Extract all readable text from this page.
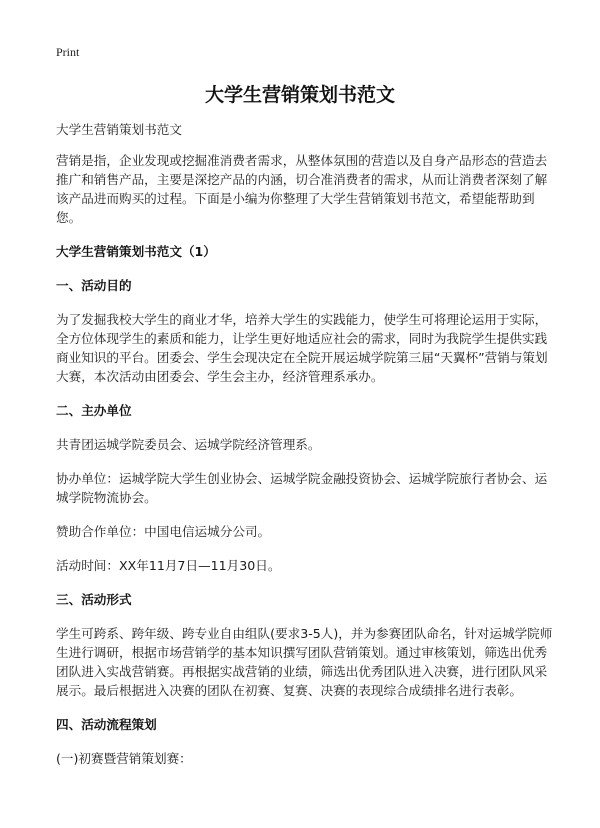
Print
大学生营销策划书范文

大学生营销策划书范文

营销是指，企业发现或挖掘准消费者需求，从整体氛围的营造以及自身产品形态的营造去推广和销售产品，主要是深挖产品的内涵，切合准消费者的需求，从而让消费者深刻了解该产品进而购买的过程。下面是小编为你整理了大学生营销策划书范文，希望能帮助到您。

大学生营销策划书范文（1）

一、活动目的

为了发掘我校大学生的商业才华，培养大学生的实践能力，使学生可将理论运用于实际，全方位体现学生的素质和能力，让学生更好地适应社会的需求，同时为我院学生提供实践商业知识的平台。团委会、学生会现决定在全院开展运城学院第三届“天翼杯”营销与策划大赛，本次活动由团委会、学生会主办，经济管理系承办。

二、主办单位

共青团运城学院委员会、运城学院经济管理系。

协办单位：运城学院大学生创业协会、运城学院金融投资协会、运城学院旅行者协会、运城学院物流协会。

赞助合作单位：中国电信运城分公司。

活动时间：XX年11月7日—11月30日。

三、活动形式

学生可跨系、跨年级、跨专业自由组队(要求3-5人)，并为参赛团队命名，针对运城学院师生进行调研，根据市场营销学的基本知识撰写团队营销策划。通过审核策划，筛选出优秀团队进入实战营销赛。再根据实战营销的业绩，筛选出优秀团队进入决赛，进行团队风采展示。最后根据进入决赛的团队在初赛、复赛、决赛的表现综合成绩排名进行表彰。

四、活动流程策划

(一)初赛暨营销策划赛：
